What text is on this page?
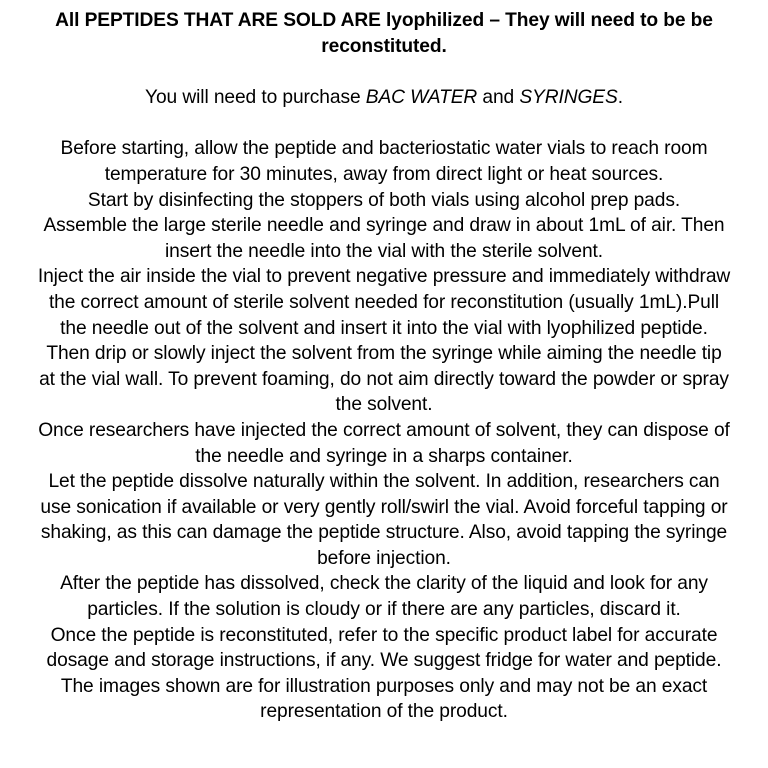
All PEPTIDES THAT ARE SOLD ARE lyophilized – They will need to be be
reconstituted.

You will need to purchase BAC WATER and SYRINGES.
Before starting, allow the peptide and bacteriostatic water vials to reach room
temperature for 30 minutes, away from direct light or heat sources.
Start by disinfecting the stoppers of both vials using alcohol prep pads.
Assemble the large sterile needle and syringe and draw in about 1mL of air. Then
insert the needle into the vial with the sterile solvent.
Inject the air inside the vial to prevent negative pressure and immediately withdraw
the correct amount of sterile solvent needed for reconstitution (usually 1mL).Pull
the needle out of the solvent and insert it into the vial with lyophilized peptide.
Then drip or slowly inject the solvent from the syringe while aiming the needle tip
at the vial wall. To prevent foaming, do not aim directly toward the powder or spray
the solvent.
Once researchers have injected the correct amount of solvent, they can dispose of
the needle and syringe in a sharps container.
Let the peptide dissolve naturally within the solvent. In addition, researchers can
use sonication if available or very gently roll/swirl the vial. Avoid forceful tapping or
shaking, as this can damage the peptide structure. Also, avoid tapping the syringe
before injection.
After the peptide has dissolved, check the clarity of the liquid and look for any
particles. If the solution is cloudy or if there are any particles, discard it.
Once the peptide is reconstituted, refer to the specific product label for accurate
dosage and storage instructions, if any. We suggest fridge for water and peptide.
The images shown are for illustration purposes only and may not be an exact
representation of the product.
